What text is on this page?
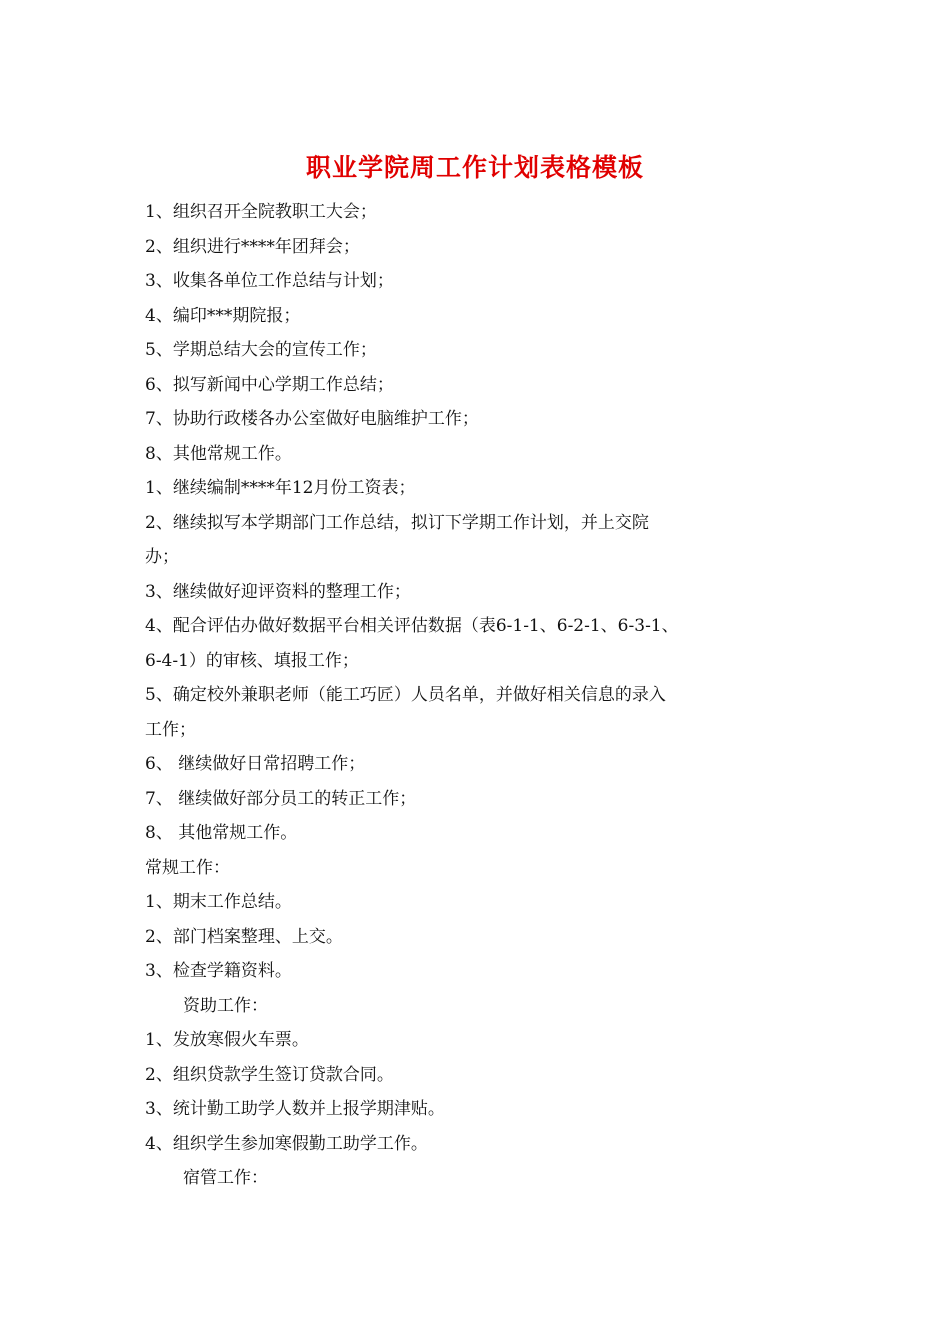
职业学院周工作计划表格模板
1、组织召开全院教职工大会；
2、组织进行****年团拜会；
3、收集各单位工作总结与计划；
4、编印***期院报；
5、学期总结大会的宣传工作；
6、拟写新闻中心学期工作总结；
7、协助行政楼各办公室做好电脑维护工作；
8、其他常规工作。
1、继续编制****年12月份工资表；
2、继续拟写本学期部门工作总结，拟订下学期工作计划，并上交院
办；
3、继续做好迎评资料的整理工作；
4、配合评估办做好数据平台相关评估数据（表6-1-1、6-2-1、6-3-1、
6-4-1）的审核、填报工作；
5、确定校外兼职老师（能工巧匠）人员名单，并做好相关信息的录入
工作；
6、 继续做好日常招聘工作；
7、 继续做好部分员工的转正工作；
8、 其他常规工作。
常规工作：
1、期末工作总结。
2、部门档案整理、上交。
3、检查学籍资料。
资助工作：
1、发放寒假火车票。
2、组织贷款学生签订贷款合同。
3、统计勤工助学人数并上报学期津贴。
4、组织学生参加寒假勤工助学工作。
宿管工作：
